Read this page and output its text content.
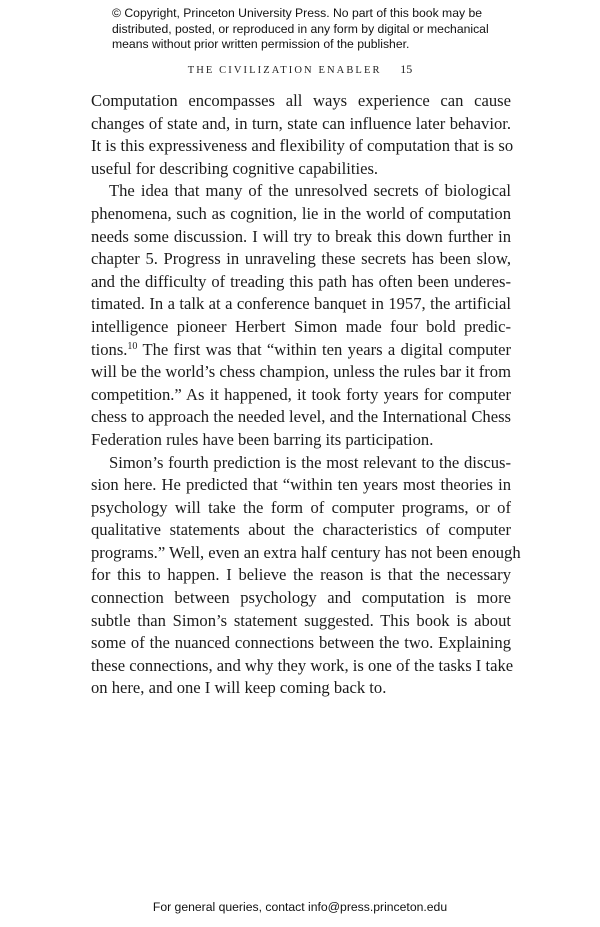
© Copyright, Princeton University Press. No part of this book may be
distributed, posted, or reproduced in any form by digital or mechanical
means without prior written permission of the publisher.
THE CIVILIZATION ENABLER 15
Computation encompasses all ways experience can cause
changes of state and, in turn, state can influence later behavior.
It is this expressiveness and flexibility of computation that is so
useful for describing cognitive capabilities.
The idea that many of the unresolved secrets of biological
phenomena, such as cognition, lie in the world of computation
needs some discussion. I will try to break this down further in
chapter 5. Progress in unraveling these secrets has been slow,
and the difficulty of treading this path has often been underes-
timated. In a talk at a conference banquet in 1957, the artificial
intelligence pioneer Herbert Simon made four bold predic-
tions.$^{10}$ The first was that “within ten years a digital computer
will be the world’s chess champion, unless the rules bar it from
competition.” As it happened, it took forty years for computer
chess to approach the needed level, and the International Chess
Federation rules have been barring its participation.
Simon’s fourth prediction is the most relevant to the discus-
sion here. He predicted that “within ten years most theories in
psychology will take the form of computer programs, or of
qualitative statements about the characteristics of computer
programs.” Well, even an extra half century has not been enough
for this to happen. I believe the reason is that the necessary
connection between psychology and computation is more
subtle than Simon’s statement suggested. This book is about
some of the nuanced connections between the two. Explaining
these connections, and why they work, is one of the tasks I take
on here, and one I will keep coming back to.
For general queries, contact info@press.princeton.edu
